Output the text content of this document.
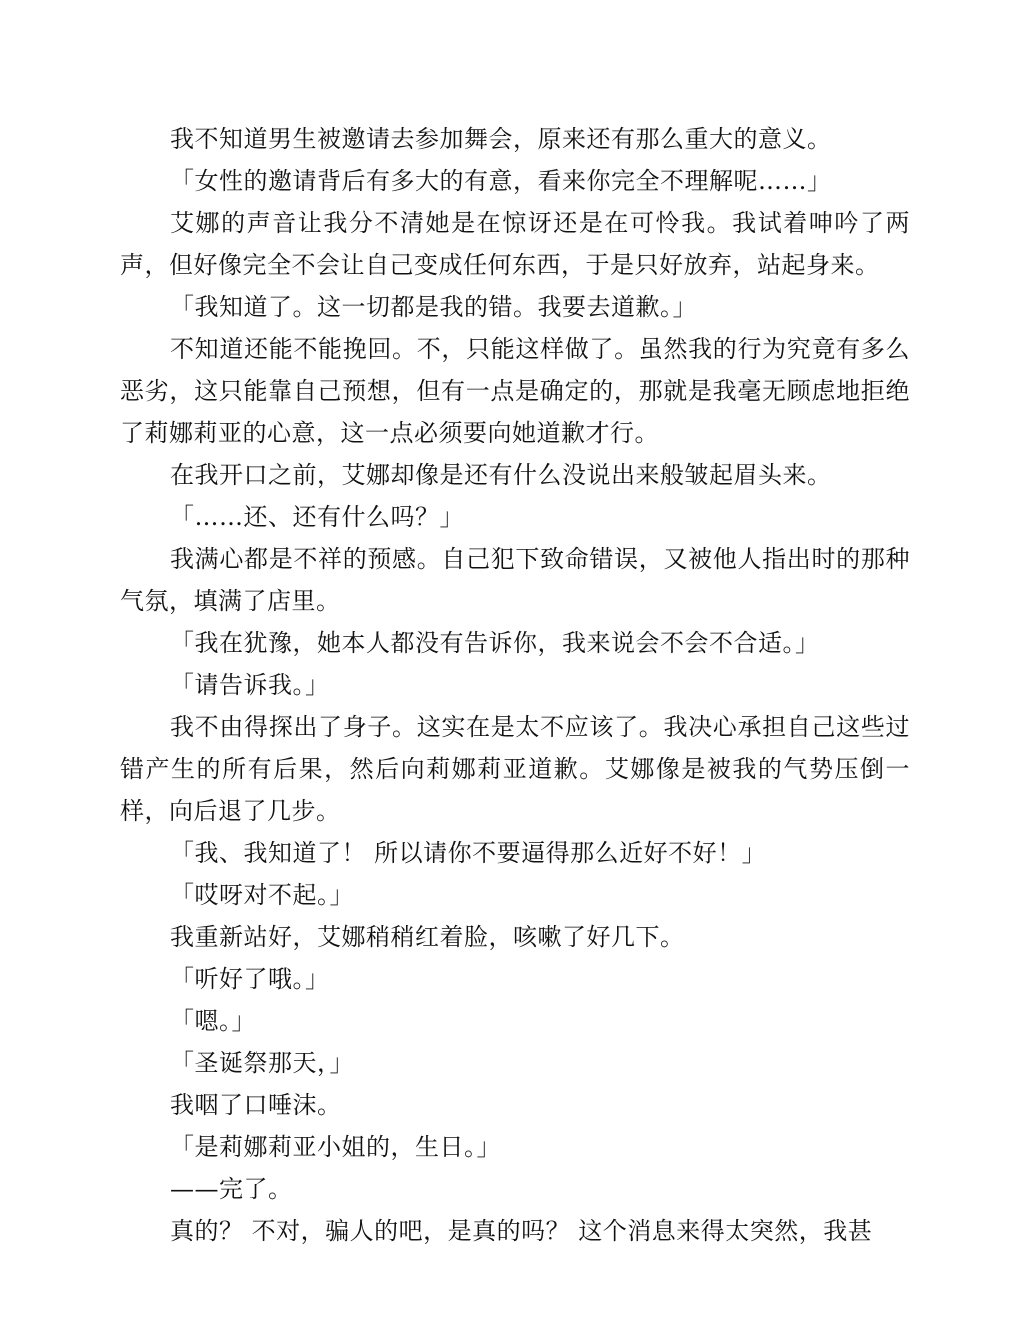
我不知道男生被邀请去参加舞会，原来还有那么重大的意义。

「女性的邀请背后有多大的有意，看来你完全不理解呢……」

艾娜的声音让我分不清她是在惊讶还是在可怜我。我试着呻吟了两声，但好像完全不会让自己变成任何东西，于是只好放弃，站起身来。

「我知道了。这一切都是我的错。我要去道歉。」

不知道还能不能挽回。不，只能这样做了。虽然我的行为究竟有多么恶劣，这只能靠自己预想，但有一点是确定的，那就是我毫无顾虑地拒绝了莉娜莉亚的心意，这一点必须要向她道歉才行。

在我开口之前，艾娜却像是还有什么没说出来般皱起眉头来。

「……还、还有什么吗？」

我满心都是不祥的预感。自己犯下致命错误，又被他人指出时的那种气氛，填满了店里。

「我在犹豫，她本人都没有告诉你，我来说会不会不合适。」

「请告诉我。」

我不由得探出了身子。这实在是太不应该了。我决心承担自己这些过错产生的所有后果，然后向莉娜莉亚道歉。艾娜像是被我的气势压倒一样，向后退了几步。

「我、我知道了！ 所以请你不要逼得那么近好不好！」

「哎呀对不起。」

我重新站好，艾娜稍稍红着脸，咳嗽了好几下。

「听好了哦。」

「嗯。」

「圣诞祭那天，」

我咽了口唾沫。

「是莉娜莉亚小姐的，生日。」

——完了。

真的？ 不对，骗人的吧，是真的吗？ 这个消息来得太突然，我甚
